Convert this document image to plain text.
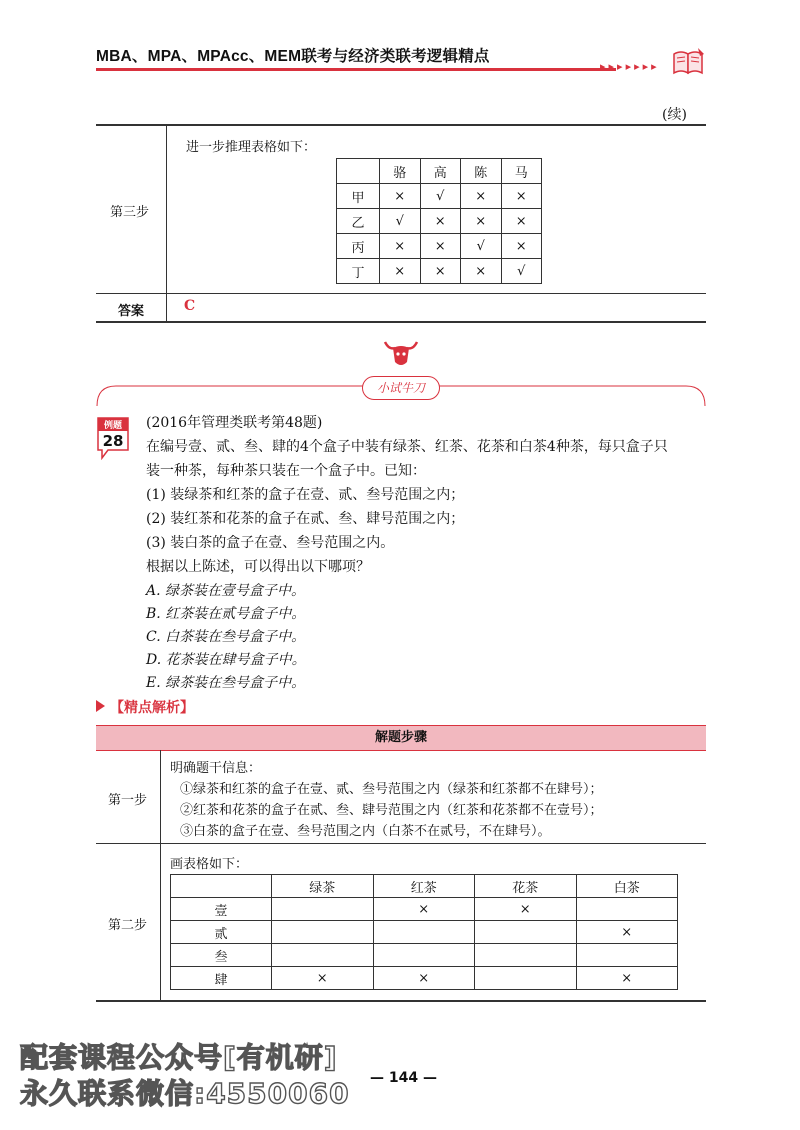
MBA、MPA、MPAcc、MEM联考与经济类联考逻辑精点
▸▸▸▸▸▸▸
(续)
第三步
进一步推理表格如下：
	骆	高	陈	马
甲	×	√	×	×
乙	√	×	×	×
丙	×	×	√	×
丁	×	×	×	√
答案	C
小试牛刀
例题
28
(2016年管理类联考第48题)
在编号壹、贰、叁、肆的4个盒子中装有绿茶、红茶、花茶和白茶4种茶，每只盒子只
装一种茶，每种茶只装在一个盒子中。已知：
(1) 装绿茶和红茶的盒子在壹、贰、叁号范围之内；
(2) 装红茶和花茶的盒子在贰、叁、肆号范围之内；
(3) 装白茶的盒子在壹、叁号范围之内。
根据以上陈述，可以得出以下哪项？
A. 绿茶装在壹号盒子中。
B. 红茶装在贰号盒子中。
C. 白茶装在叁号盒子中。
D. 花茶装在肆号盒子中。
E. 绿茶装在叁号盒子中。
【精点解析】
解题步骤
第一步
明确题干信息：
①绿茶和红茶的盒子在壹、贰、叁号范围之内（绿茶和红茶都不在肆号）；
②红茶和花茶的盒子在贰、叁、肆号范围之内（红茶和花茶都不在壹号）；
③白茶的盒子在壹、叁号范围之内（白茶不在贰号，不在肆号）。
第二步
画表格如下：
	绿茶	红茶	花茶	白茶
壹		×	×	
贰				×
叁				
肆	×	×		×
配套课程公众号[有机研]
永久联系微信:4550060 — 144 —
